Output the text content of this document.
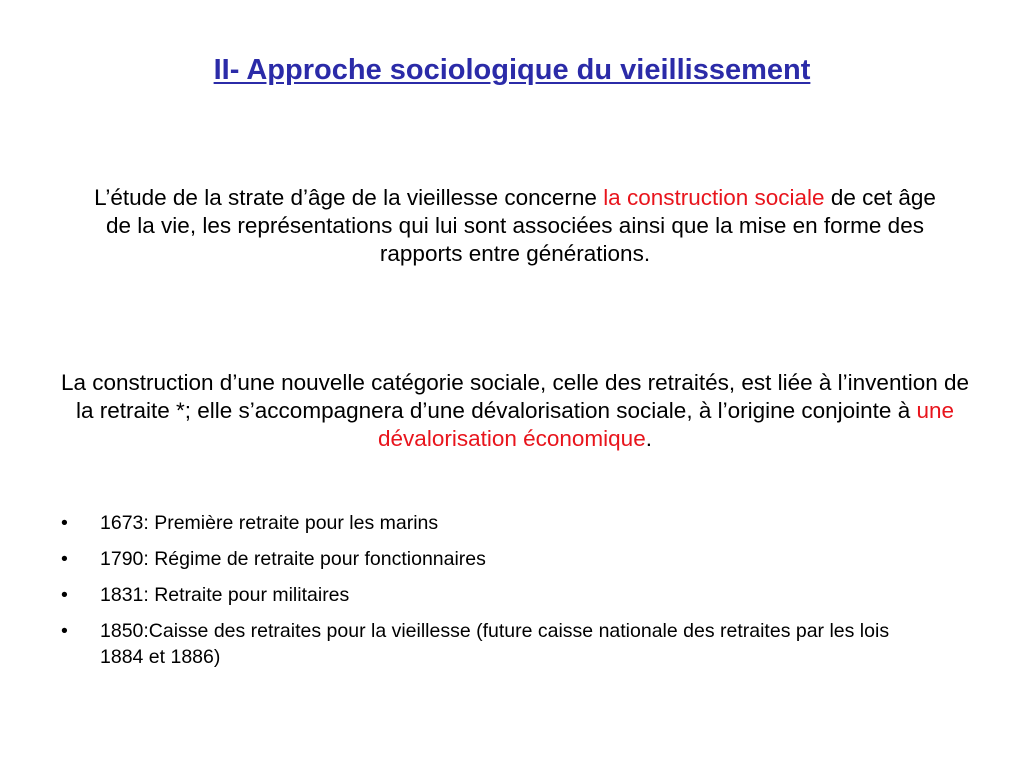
II- Approche sociologique du vieillissement
L’étude de la strate d’âge de la vieillesse concerne la construction sociale de cet âge de la vie, les représentations qui lui sont associées ainsi que la mise en forme des rapports entre générations.
La construction d’une nouvelle catégorie sociale, celle des retraités, est liée à l’invention de la retraite *; elle s’accompagnera d’une dévalorisation sociale, à l’origine conjointe à une dévalorisation économique.
• 1673: Première retraite pour les marins
• 1790: Régime de retraite pour fonctionnaires
• 1831: Retraite pour militaires
• 1850:Caisse des retraites pour la vieillesse (future caisse nationale des retraites par les lois 1884 et 1886)
